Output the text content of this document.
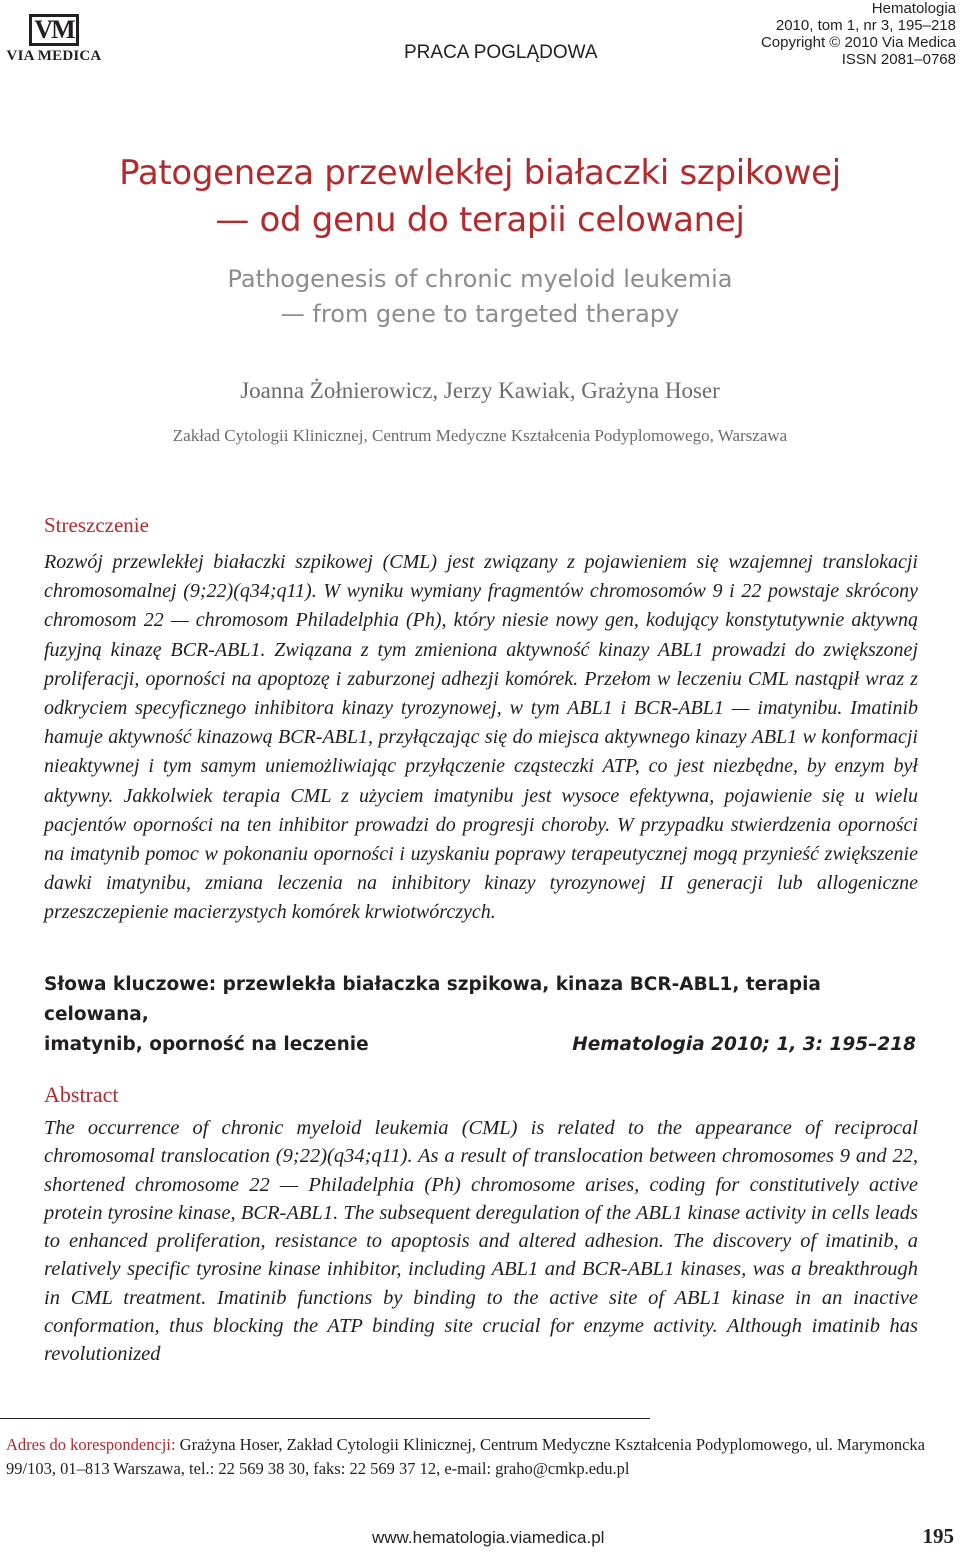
VM
VIA MEDICA	PRACA POGLĄDOWA
Hematologia
2010, tom 1, nr 3, 195–218
Copyright © 2010 Via Medica
ISSN 2081–0768
Patogeneza przewlekłej białaczki szpikowej
— od genu do terapii celowanej
Pathogenesis of chronic myeloid leukemia
— from gene to targeted therapy
Joanna Żołnierowicz, Jerzy Kawiak, Grażyna Hoser
Zakład Cytologii Klinicznej, Centrum Medyczne Kształcenia Podyplomowego, Warszawa
Streszczenie

Rozwój przewlekłej białaczki szpikowej (CML) jest związany z pojawieniem się wzajemnej translokacji chromosomalnej (9;22)(q34;q11). W wyniku wymiany fragmentów chromosomów 9 i 22 powstaje skrócony chromosom 22 — chromosom Philadelphia (Ph), który niesie nowy gen, kodujący konstytutywnie aktywną fuzyjną kinazę BCR-ABL1. Związana z tym zmieniona aktywność kinazy ABL1 prowadzi do zwiększonej proliferacji, oporności na apoptozę i zaburzonej adhezji komórek. Przełom w leczeniu CML nastąpił wraz z odkryciem specyficznego inhibitora kinazy tyrozynowej, w tym ABL1 i BCR-ABL1 — imatynibu. Imatinib hamuje aktywność kinazową BCR-ABL1, przyłączając się do miejsca aktywnego kinazy ABL1 w konformacji nieaktywnej i tym samym uniemożliwiając przyłączenie cząsteczki ATP, co jest niezbędne, by enzym był aktywny. Jakkolwiek terapia CML z użyciem imatynibu jest wysoce efektywna, pojawienie się u wielu pacjentów oporności na ten inhibitor prowadzi do progresji choroby. W przypadku stwierdzenia oporności na imatynib pomoc w pokonaniu oporności i uzyskaniu poprawy terapeutycznej mogą przynieść zwiększenie dawki imatynibu, zmiana leczenia na inhibitory kinazy tyrozynowej II generacji lub allogeniczne przeszczepienie macierzystych komórek krwiotwórczych.

Słowa kluczowe: przewlekła białaczka szpikowa, kinaza BCR-ABL1, terapia celowana,
imatynib, oporność na leczenie	Hematologia 2010; 1, 3: 195–218
Abstract

The occurrence of chronic myeloid leukemia (CML) is related to the appearance of reciprocal chromosomal translocation (9;22)(q34;q11). As a result of translocation between chromosomes 9 and 22, shortened chromosome 22 — Philadelphia (Ph) chromosome arises, coding for constitutively active protein tyrosine kinase, BCR-ABL1. The subsequent deregulation of the ABL1 kinase activity in cells leads to enhanced proliferation, resistance to apoptosis and altered adhesion. The discovery of imatinib, a relatively specific tyrosine kinase inhibitor, including ABL1 and BCR-ABL1 kinases, was a breakthrough in CML treatment. Imatinib functions by binding to the active site of ABL1 kinase in an inactive conformation, thus blocking the ATP binding site crucial for enzyme activity. Although imatinib has revolutionized

Adres do korespondencji: Grażyna Hoser, Zakład Cytologii Klinicznej, Centrum Medyczne Kształcenia Podyplomowego, ul. Marymoncka 99/103, 01–813 Warszawa, tel.: 22 569 38 30, faks: 22 569 37 12, e-mail: graho@cmkp.edu.pl
www.hematologia.viamedica.pl	195
